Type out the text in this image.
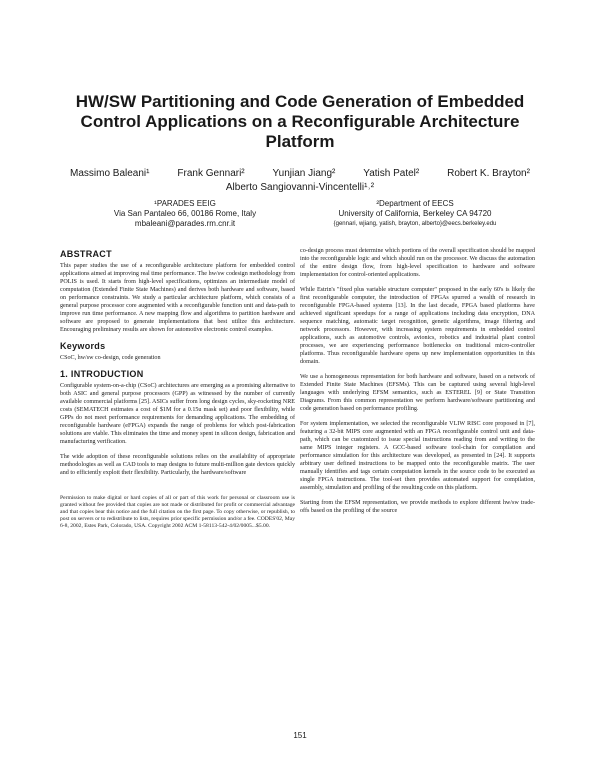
HW/SW Partitioning and Code Generation of Embedded
Control Applications on a Reconfigurable Architecture
Platform
Massimo Baleani¹	Frank Gennari²	Yunjian Jiang²	Yatish Patel²	Robert K. Brayton²
Alberto Sangiovanni-Vincentelli¹˒²
¹PARADES EEIG
Via San Pantaleo 66, 00186 Rome, Italy
mbaleani@parades.rm.cnr.it
²Department of EECS
University of California, Berkeley CA 94720
{gennari, wjiang, yatish, brayton, alberto}@eecs.berkeley.edu
ABSTRACT
This paper studies the use of a reconfigurable architecture platform for embedded control applications aimed at improving real time performance. The hw/sw codesign methodology from POLIS is used. It starts from high-level specifications, optimizes an intermediate model of computation (Extended Finite State Machines) and derives both hardware and software, based on performance constraints. We study a particular architecture platform, which consists of a general purpose processor core augmented with a reconfigurable function unit and data-path to improve run time performance. A new mapping flow and algorithms to partition hardware and software are proposed to generate implementations that best utilize this architecture. Encouraging preliminary results are shown for automotive electronic control examples.
Keywords
CSoC, hw/sw co-design, code generation
1. INTRODUCTION
Configurable system-on-a-chip (CSoC) architectures are emerging as a promising alternative to both ASIC and general purpose processors (GPP) as witnessed by the number of currently available commercial platforms [25]. ASICs suffer from long design cycles, sky-rocketing NRE costs (SEMATECH estimates a cost of $1M for a 0.15u mask set) and poor flexibility, while GPPs do not meet performance requirements for demanding applications. The embedding of reconfigurable hardware (eFPGA) expands the range of problems for which post-fabrication solutions are viable. This eliminates the time and money spent in silicon design, fabrication and manufacturing verification.
The wide adoption of these reconfigurable solutions relies on the availability of appropriate methodologies as well as CAD tools to map designs to future multi-million gate devices quickly and to efficiently exploit their flexibility. Particularly, the hardware/software
Permission to make digital or hard copies of all or part of this work for personal or classroom use is granted without fee provided that copies are not made or distributed for profit or commercial advantage and that copies bear this notice and the full citation on the first page. To copy otherwise, or republish, to post on servers or to redistribute to lists, requires prior specific permission and/or a fee. CODES'02, May 6-8, 2002, Estes Park, Colorado, USA. Copyright 2002 ACM 1-58113-542-4/02/0005...$5.00.
co-design process must determine which portions of the overall specification should be mapped into the reconfigurable logic and which should run on the processor. We discuss the automation of the entire design flow, from high-level specification to hardware and software implementation for control-oriented applications.
While Estrin's "fixed plus variable structure computer" proposed in the early 60's is likely the first reconfigurable computer, the introduction of FPGAs spurred a wealth of research in reconfigurable FPGA-based systems [13]. In the last decade, FPGA based platforms have achieved significant speedups for a range of applications including data encryption, DNA sequence matching, automatic target recognition, genetic algorithms, image filtering and network processors. However, with increasing system requirements in embedded control applications, such as automotive controls, avionics, robotics and industrial plant control processes, we are experiencing performance bottlenecks on traditional micro-controller platforms. Thus reconfigurable hardware opens up new implementation opportunities in this domain.
We use a homogeneous representation for both hardware and software, based on a network of Extended Finite State Machines (EFSMs). This can be captured using several high-level languages with underlying EFSM semantics, such as ESTEREL [9] or State Transition Diagrams. From this common representation we perform hardware/software partitioning and code generation based on performance profiling.
For system implementation, we selected the reconfigurable VLIW RISC core proposed in [7], featuring a 32-bit MIPS core augmented with an FPGA reconfigurable control unit and data-path, which can be customized to issue special instructions reading from and writing to the same MIPS integer registers. A GCC-based software tool-chain for compilation and performance simulation for this architecture was developed, as presented in [24]. It supports arbitrary user defined instructions to be mapped onto the reconfigurable matrix. The user manually identifies and tags certain computation kernels in the source code to be executed as single FPGA instructions. The tool-set then provides automated support for compilation, assembly, simulation and profiling of the resulting code on this platform.
Starting from the EFSM representation, we provide methods to explore different hw/sw trade-offs based on the profiling of the source
151
